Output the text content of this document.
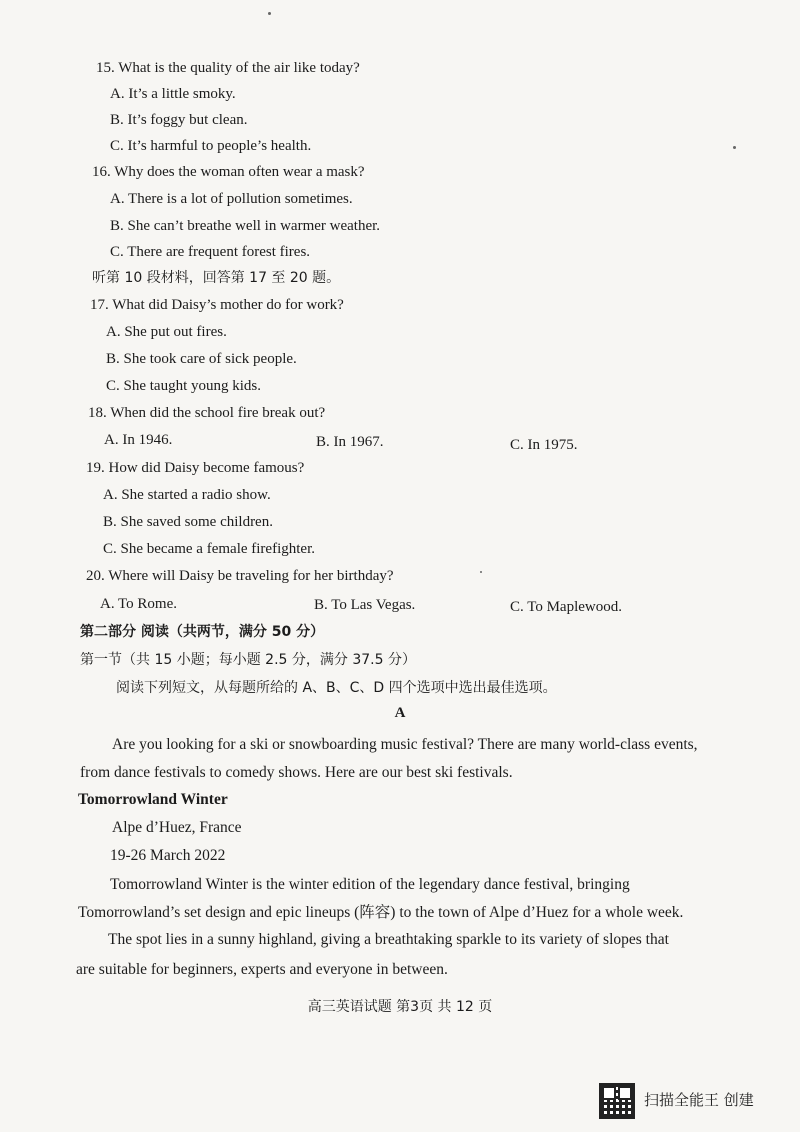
15. What is the quality of the air like today?
A. It’s a little smoky.
B. It’s foggy but clean.
C. It’s harmful to people’s health.
16. Why does the woman often wear a mask?
A. There is a lot of pollution sometimes.
B. She can’t breathe well in warmer weather.
C. There are frequent forest fires.
听第 10 段材料，回答第 17 至 20 题。
17. What did Daisy’s mother do for work?
A. She put out fires.
B. She took care of sick people.
C. She taught young kids.
18. When did the school fire break out?
A. In 1946.	B. In 1967.	C. In 1975.
19. How did Daisy become famous?
A. She started a radio show.
B. She saved some children.
C. She became a female firefighter.
20. Where will Daisy be traveling for her birthday?
A. To Rome.	B. To Las Vegas.	C. To Maplewood.
第二部分 阅读（共两节，满分 50 分）
第一节（共 15 小题；每小题 2.5 分，满分 37.5 分）
阅读下列短文，从每题所给的 A、B、C、D 四个选项中选出最佳选项。
A
Are you looking for a ski or snowboarding music festival? There are many world-class events,
from dance festivals to comedy shows. Here are our best ski festivals.
Tomorrowland Winter
Alpe d’Huez, France
19-26 March 2022
Tomorrowland Winter is the winter edition of the legendary dance festival, bringing
Tomorrowland’s set design and epic lineups (阵容) to the town of Alpe d’Huez for a whole week.
The spot lies in a sunny highland, giving a breathtaking sparkle to its variety of slopes that
are suitable for beginners, experts and everyone in between.
高三英语试题 第3页 共 12 页
扫描全能王 创建
